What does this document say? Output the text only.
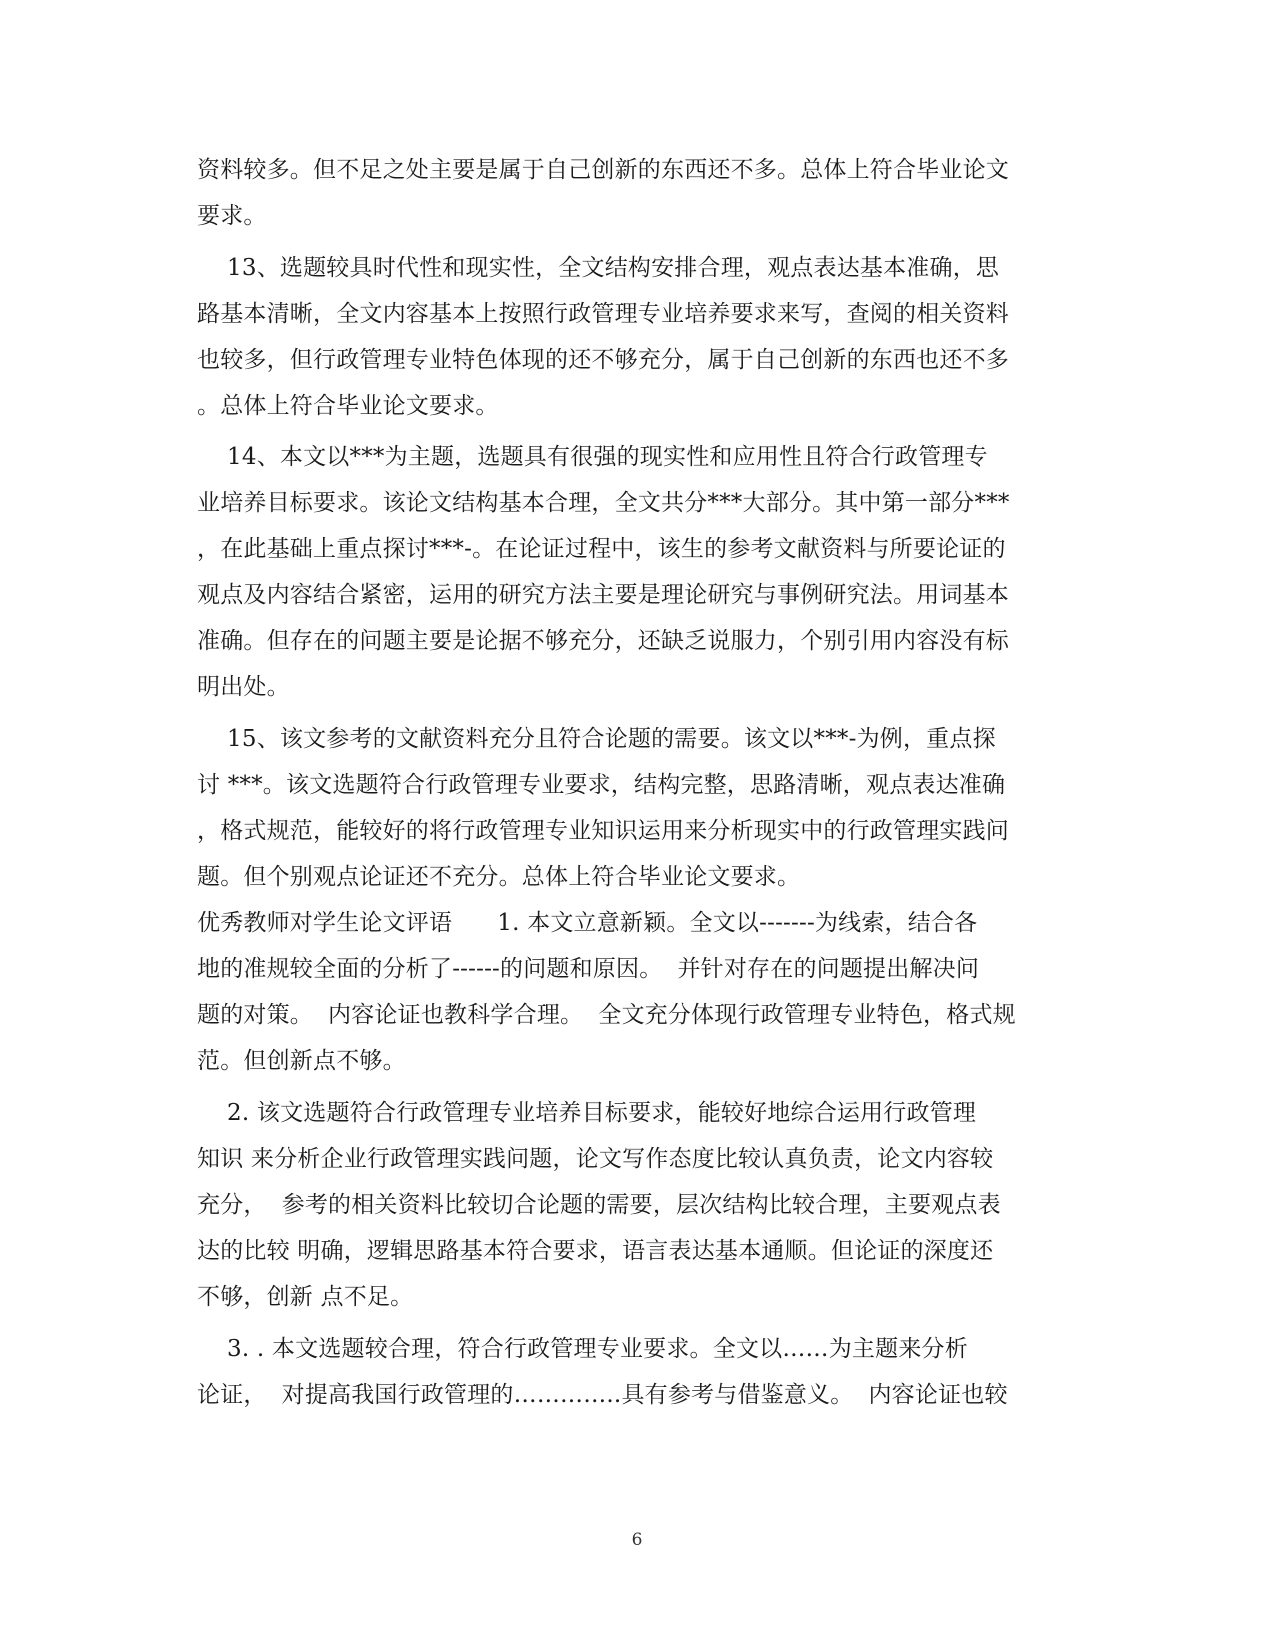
资料较多。但不足之处主要是属于自己创新的东西还不多。总体上符合毕业论文
要求。
13、选题较具时代性和现实性，全文结构安排合理，观点表达基本准确，思
路基本清晰，全文内容基本上按照行政管理专业培养要求来写，查阅的相关资料
也较多，但行政管理专业特色体现的还不够充分，属于自己创新的东西也还不多
。总体上符合毕业论文要求。
14、本文以***为主题，选题具有很强的现实性和应用性且符合行政管理专
业培养目标要求。该论文结构基本合理，全文共分***大部分。其中第一部分***
，在此基础上重点探讨***-。在论证过程中，该生的参考文献资料与所要论证的
观点及内容结合紧密，运用的研究方法主要是理论研究与事例研究法。用词基本
准确。但存在的问题主要是论据不够充分，还缺乏说服力，个别引用内容没有标
明出处。
15、该文参考的文献资料充分且符合论题的需要。该文以***-为例，重点探
讨 ***。该文选题符合行政管理专业要求，结构完整，思路清晰，观点表达准确
，格式规范，能较好的将行政管理专业知识运用来分析现实中的行政管理实践问
题。但个别观点论证还不充分。总体上符合毕业论文要求。
优秀教师对学生论文评语      1. 本文立意新颖。全文以-------为线索，结合各
地的准规较全面的分析了------的问题和原因。  并针对存在的问题提出解决问
题的对策。  内容论证也教科学合理。  全文充分体现行政管理专业特色，格式规
范。但创新点不够。
2. 该文选题符合行政管理专业培养目标要求，能较好地综合运用行政管理
知识 来分析企业行政管理实践问题，论文写作态度比较认真负责，论文内容较
充分，  参考的相关资料比较切合论题的需要，层次结构比较合理，主要观点表
达的比较 明确，逻辑思路基本符合要求，语言表达基本通顺。但论证的深度还
不够，创新 点不足。
3. . 本文选题较合理，符合行政管理专业要求。全文以……为主题来分析
论证，  对提高我国行政管理的…………..具有参考与借鉴意义。  内容论证也较
6
